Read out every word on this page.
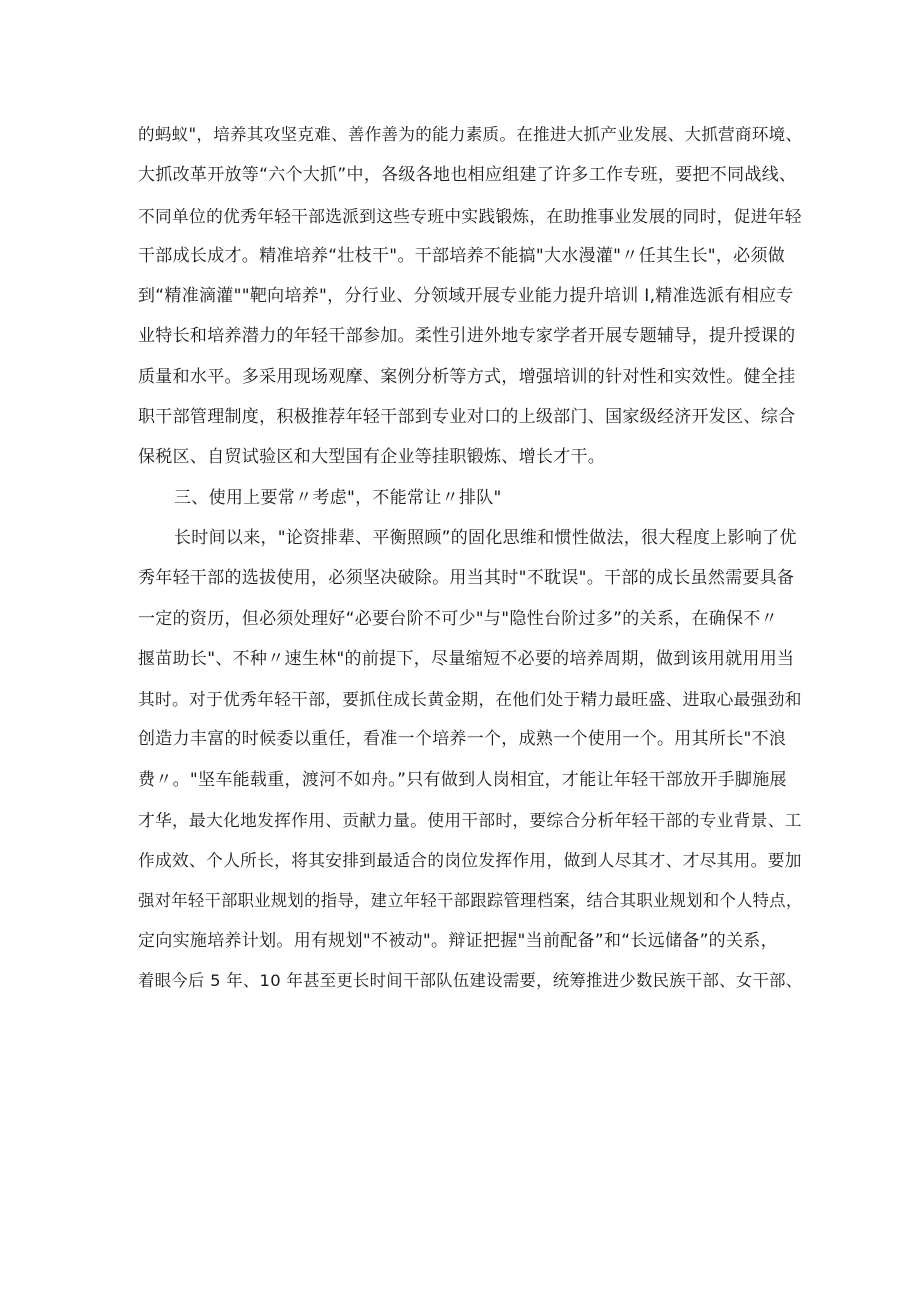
的蚂蚁"，培养其攻坚克难、善作善为的能力素质。在推进大抓产业发展、大抓营商环境、
大抓改革开放等“六个大抓”中，各级各地也相应组建了许多工作专班，要把不同战线、
不同单位的优秀年轻干部选派到这些专班中实践锻炼，在助推事业发展的同时，促进年轻
干部成长成才。精准培养“壮枝干"。干部培养不能搞"大水漫灌"〃任其生长"，必须做
到“精准滴灌""靶向培养"，分行业、分领域开展专业能力提升培训 I,精准选派有相应专
业特长和培养潜力的年轻干部参加。柔性引进外地专家学者开展专题辅导，提升授课的
质量和水平。多采用现场观摩、案例分析等方式，增强培训的针对性和实效性。健全挂
职干部管理制度，积极推荐年轻干部到专业对口的上级部门、国家级经济开发区、综合
保税区、自贸试验区和大型国有企业等挂职锻炼、增长才干。
三、使用上要常〃考虑"，不能常让〃排队"
长时间以来，"论资排辈、平衡照顾”的固化思维和惯性做法，很大程度上影响了优
秀年轻干部的选拔使用，必须坚决破除。用当其时"不耽误"。干部的成长虽然需要具备
一定的资历，但必须处理好“必要台阶不可少"与"隐性台阶过多”的关系，在确保不〃
揠苗助长"、不种〃速生林"的前提下，尽量缩短不必要的培养周期，做到该用就用用当
其时。对于优秀年轻干部，要抓住成长黄金期，在他们处于精力最旺盛、进取心最强劲和
创造力丰富的时候委以重任，看准一个培养一个，成熟一个使用一个。用其所长"不浪
费〃。"坚车能载重，渡河不如舟。”只有做到人岗相宜，才能让年轻干部放开手脚施展
才华，最大化地发挥作用、贡献力量。使用干部时，要综合分析年轻干部的专业背景、工
作成效、个人所长，将其安排到最适合的岗位发挥作用，做到人尽其才、才尽其用。要加
强对年轻干部职业规划的指导，建立年轻干部跟踪管理档案，结合其职业规划和个人特点，
定向实施培养计划。用有规划"不被动"。辩证把握"当前配备”和“长远储备”的关系，
着眼今后 5 年、10 年甚至更长时间干部队伍建设需要，统筹推进少数民族干部、女干部、
